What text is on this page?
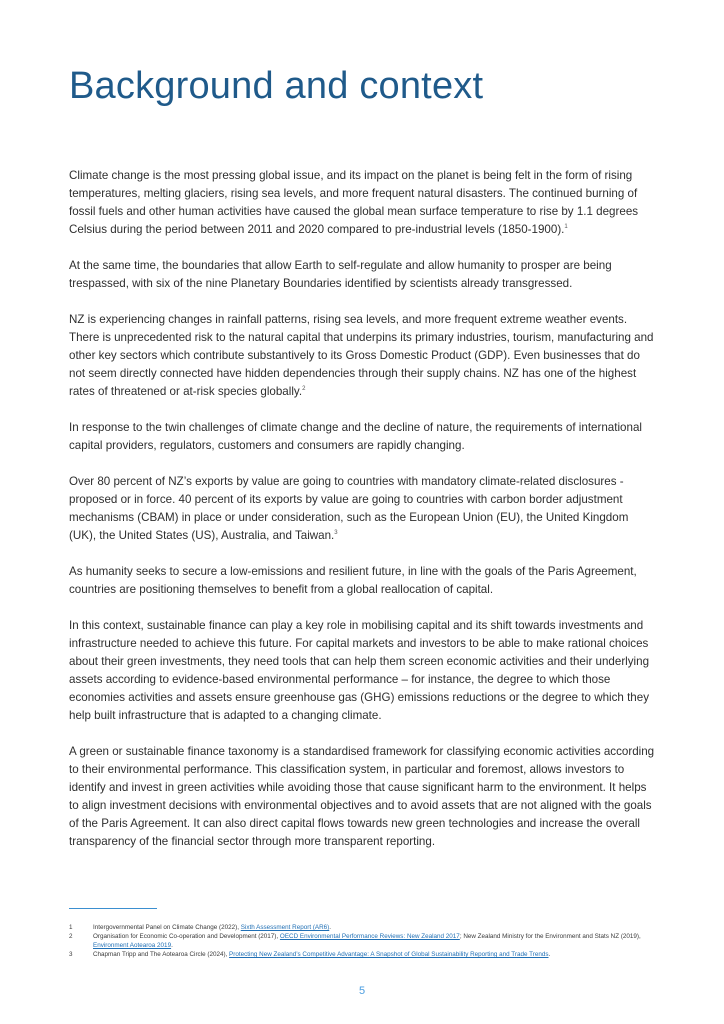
Background and context

Climate change is the most pressing global issue, and its impact on the planet is being felt in the form of rising temperatures, melting glaciers, rising sea levels, and more frequent natural disasters. The continued burning of fossil fuels and other human activities have caused the global mean surface temperature to rise by 1.1 degrees Celsius during the period between 2011 and 2020 compared to pre-industrial levels (1850-1900).$^1$

At the same time, the boundaries that allow Earth to self-regulate and allow humanity to prosper are being trespassed, with six of the nine Planetary Boundaries identified by scientists already transgressed.

NZ is experiencing changes in rainfall patterns, rising sea levels, and more frequent extreme weather events. There is unprecedented risk to the natural capital that underpins its primary industries, tourism, manufacturing and other key sectors which contribute substantively to its Gross Domestic Product (GDP). Even businesses that do not seem directly connected have hidden dependencies through their supply chains. NZ has one of the highest rates of threatened or at-risk species globally.$^2$

In response to the twin challenges of climate change and the decline of nature, the requirements of international capital providers, regulators, customers and consumers are rapidly changing.

Over 80 percent of NZ’s exports by value are going to countries with mandatory climate-related disclosures - proposed or in force. 40 percent of its exports by value are going to countries with carbon border adjustment mechanisms (CBAM) in place or under consideration, such as the European Union (EU), the United Kingdom (UK), the United States (US), Australia, and Taiwan.$^3$

As humanity seeks to secure a low-emissions and resilient future, in line with the goals of the Paris Agreement, countries are positioning themselves to benefit from a global reallocation of capital.

In this context, sustainable finance can play a key role in mobilising capital and its shift towards investments and infrastructure needed to achieve this future. For capital markets and investors to be able to make rational choices about their green investments, they need tools that can help them screen economic activities and their underlying assets according to evidence-based environmental performance – for instance, the degree to which those economies activities and assets ensure greenhouse gas (GHG) emissions reductions or the degree to which they help built infrastructure that is adapted to a changing climate.

A green or sustainable finance taxonomy is a standardised framework for classifying economic activities according to their environmental performance. This classification system, in particular and foremost, allows investors to identify and invest in green activities while avoiding those that cause significant harm to the environment. It helps to align investment decisions with environmental objectives and to avoid assets that are not aligned with the goals of the Paris Agreement. It can also direct capital flows towards new green technologies and increase the overall transparency of the financial sector through more transparent reporting.

1	Intergovernmental Panel on Climate Change (2022), Sixth Assessment Report (AR6).
2	Organisation for Economic Co-operation and Development (2017), OECD Environmental Performance Reviews: New Zealand 2017; New Zealand Ministry for the Environment and Stats NZ (2019), Environment Aotearoa 2019.
3	Chapman Tripp and The Aotearoa Circle (2024), Protecting New Zealand’s Competitive Advantage: A Snapshot of Global Sustainability Reporting and Trade Trends.
5
